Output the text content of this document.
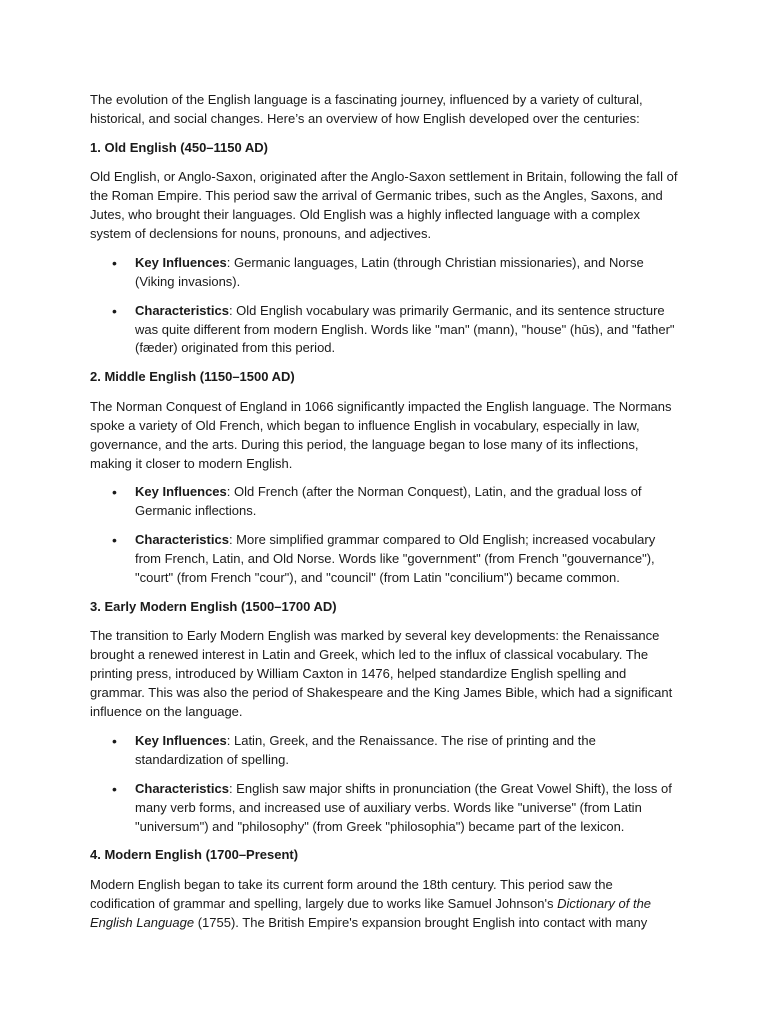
The evolution of the English language is a fascinating journey, influenced by a variety of cultural, historical, and social changes. Here’s an overview of how English developed over the centuries:

1. Old English (450–1150 AD)

Old English, or Anglo-Saxon, originated after the Anglo-Saxon settlement in Britain, following the fall of the Roman Empire. This period saw the arrival of Germanic tribes, such as the Angles, Saxons, and Jutes, who brought their languages. Old English was a highly inflected language with a complex system of declensions for nouns, pronouns, and adjectives.

• Key Influences: Germanic languages, Latin (through Christian missionaries), and Norse (Viking invasions).
• Characteristics: Old English vocabulary was primarily Germanic, and its sentence structure was quite different from modern English. Words like "man" (mann), "house" (hūs), and "father" (fæder) originated from this period.

2. Middle English (1150–1500 AD)

The Norman Conquest of England in 1066 significantly impacted the English language. The Normans spoke a variety of Old French, which began to influence English in vocabulary, especially in law, governance, and the arts. During this period, the language began to lose many of its inflections, making it closer to modern English.

• Key Influences: Old French (after the Norman Conquest), Latin, and the gradual loss of Germanic inflections.
• Characteristics: More simplified grammar compared to Old English; increased vocabulary from French, Latin, and Old Norse. Words like "government" (from French "gouvernance"), "court" (from French "cour"), and "council" (from Latin "concilium") became common.

3. Early Modern English (1500–1700 AD)

The transition to Early Modern English was marked by several key developments: the Renaissance brought a renewed interest in Latin and Greek, which led to the influx of classical vocabulary. The printing press, introduced by William Caxton in 1476, helped standardize English spelling and grammar. This was also the period of Shakespeare and the King James Bible, which had a significant influence on the language.

• Key Influences: Latin, Greek, and the Renaissance. The rise of printing and the standardization of spelling.
• Characteristics: English saw major shifts in pronunciation (the Great Vowel Shift), the loss of many verb forms, and increased use of auxiliary verbs. Words like "universe" (from Latin "universum") and "philosophy" (from Greek "philosophia") became part of the lexicon.

4. Modern English (1700–Present)

Modern English began to take its current form around the 18th century. This period saw the codification of grammar and spelling, largely due to works like Samuel Johnson's Dictionary of the English Language (1755). The British Empire's expansion brought English into contact with many
